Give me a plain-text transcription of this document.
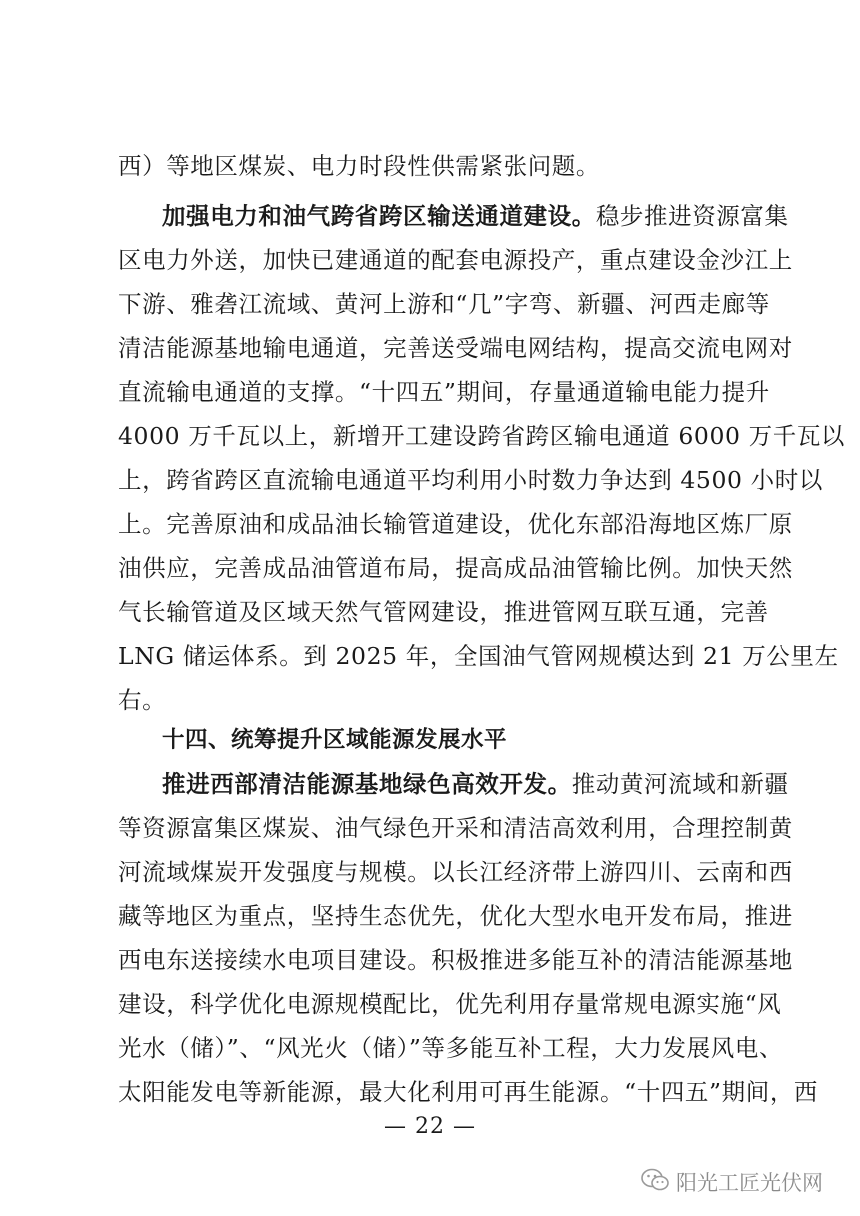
西）等地区煤炭、电力时段性供需紧张问题。
加强电力和油气跨省跨区输送通道建设。稳步推进资源富集
区电力外送，加快已建通道的配套电源投产，重点建设金沙江上
下游、雅砻江流域、黄河上游和“几”字弯、新疆、河西走廊等
清洁能源基地输电通道，完善送受端电网结构，提高交流电网对
直流输电通道的支撑。“十四五”期间，存量通道输电能力提升
4000 万千瓦以上，新增开工建设跨省跨区输电通道 6000 万千瓦以
上，跨省跨区直流输电通道平均利用小时数力争达到 4500 小时以
上。完善原油和成品油长输管道建设，优化东部沿海地区炼厂原
油供应，完善成品油管道布局，提高成品油管输比例。加快天然
气长输管道及区域天然气管网建设，推进管网互联互通，完善
LNG 储运体系。到 2025 年，全国油气管网规模达到 21 万公里左
右。
十四、统筹提升区域能源发展水平
推进西部清洁能源基地绿色高效开发。推动黄河流域和新疆
等资源富集区煤炭、油气绿色开采和清洁高效利用，合理控制黄
河流域煤炭开发强度与规模。以长江经济带上游四川、云南和西
藏等地区为重点，坚持生态优先，优化大型水电开发布局，推进
西电东送接续水电项目建设。积极推进多能互补的清洁能源基地
建设，科学优化电源规模配比，优先利用存量常规电源实施“风
光水（储）”、“风光火（储）”等多能互补工程，大力发展风电、
太阳能发电等新能源，最大化利用可再生能源。“十四五”期间，西
— 22 —
阳光工匠光伏网
